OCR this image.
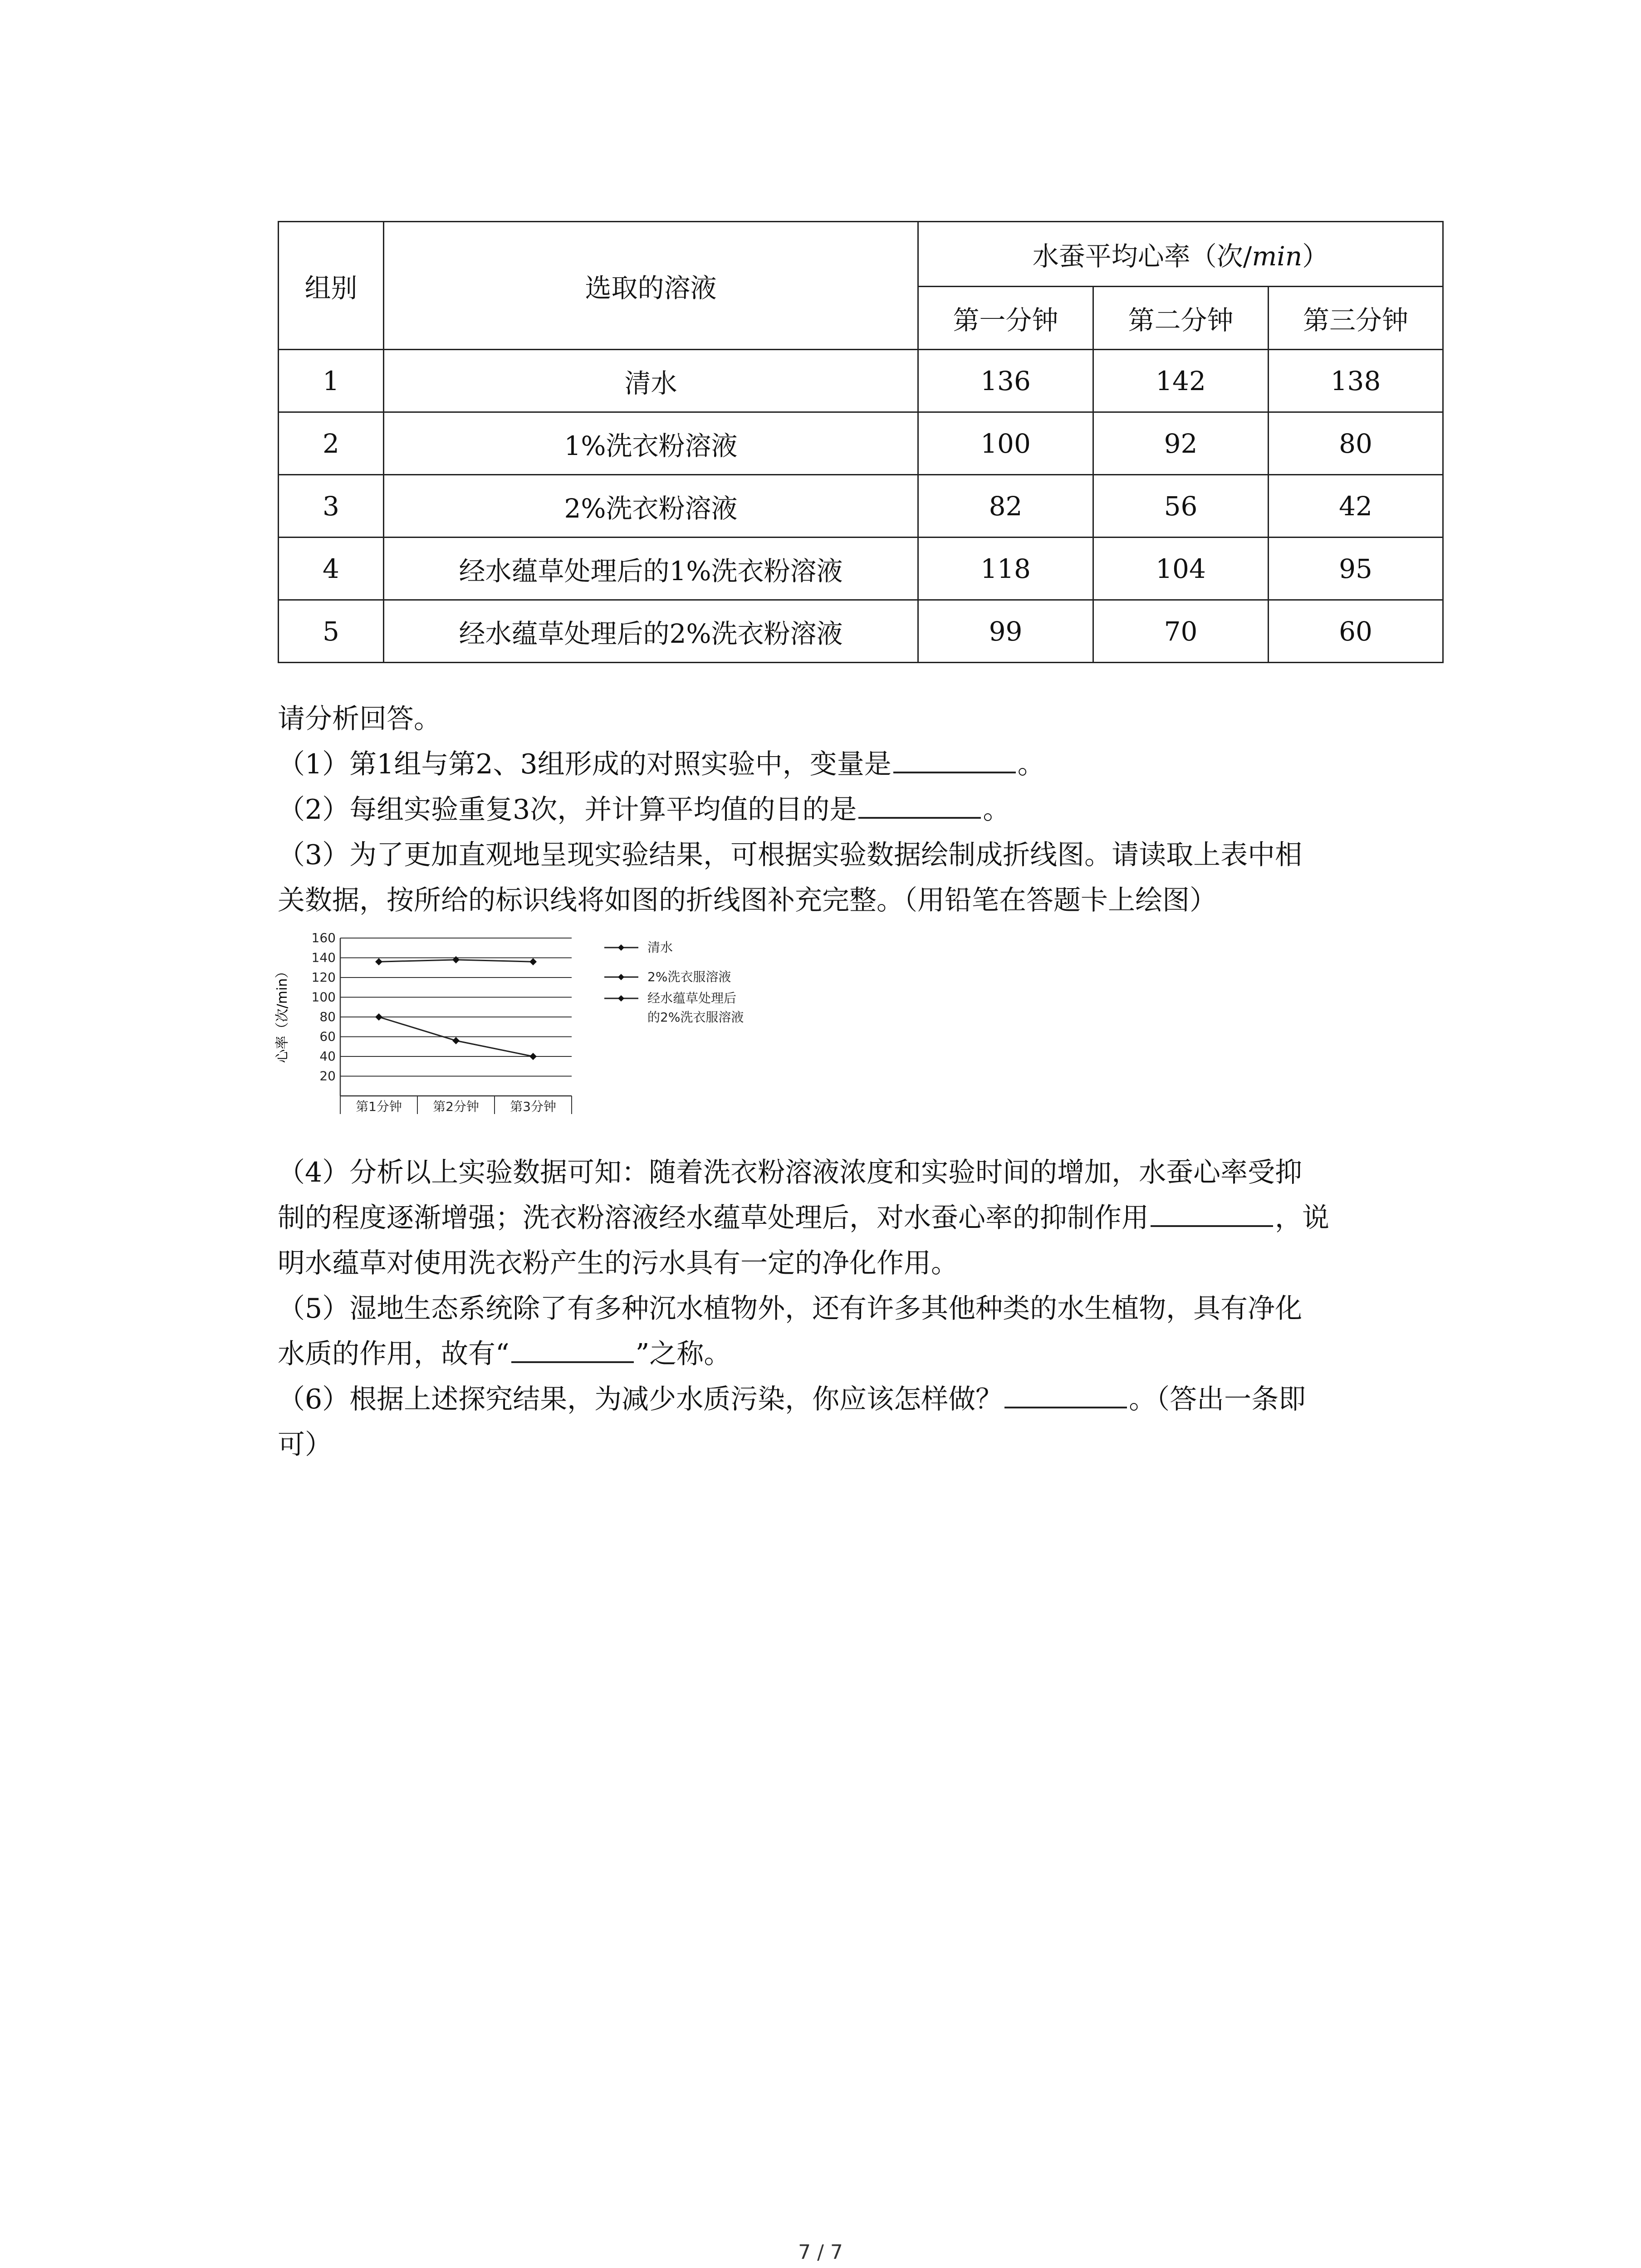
组别	选取的溶液	水蚕平均心率（次/min）		
		第一分钟	第二分钟	第三分钟
1	清水	136	142	138
2	1%洗衣粉溶液	100	92	80
3	2%洗衣粉溶液	82	56	42
4	经水蕴草处理后的1%洗衣粉溶液	118	104	95
5	经水蕴草处理后的2%洗衣粉溶液	99	70	60
请分析回答。
（1）第1组与第2、3组形成的对照实验中，变量是	。
（2）每组实验重复3次，并计算平均值的目的是	。
（3）为了更加直观地呈现实验结果，可根据实验数据绘制成折线图。请读取上表中相
关数据，按所给的标识线将如图的折线图补充完整。（用铅笔在答题卡上绘图）
（4）分析以上实验数据可知：随着洗衣粉溶液浓度和实验时间的增加，水蚕心率受抑
制的程度逐渐增强；洗衣粉溶液经水蕴草处理后，对水蚕心率的抑制作用	，说
明水蕴草对使用洗衣粉产生的污水具有一定的净化作用。
（5）湿地生态系统除了有多种沉水植物外，还有许多其他种类的水生植物，具有净化
水质的作用，故有“	”之称。
（6）根据上述探究结果，为减少水质污染，你应该怎样做？	。（答出一条即
可）
20
40
60
80
100
120
140
160
第1分钟 第2分钟 第3分钟
心率（次/min）
清水
2%洗衣服溶液
经水蕴草处理后
的2%洗衣服溶液
7 / 7
